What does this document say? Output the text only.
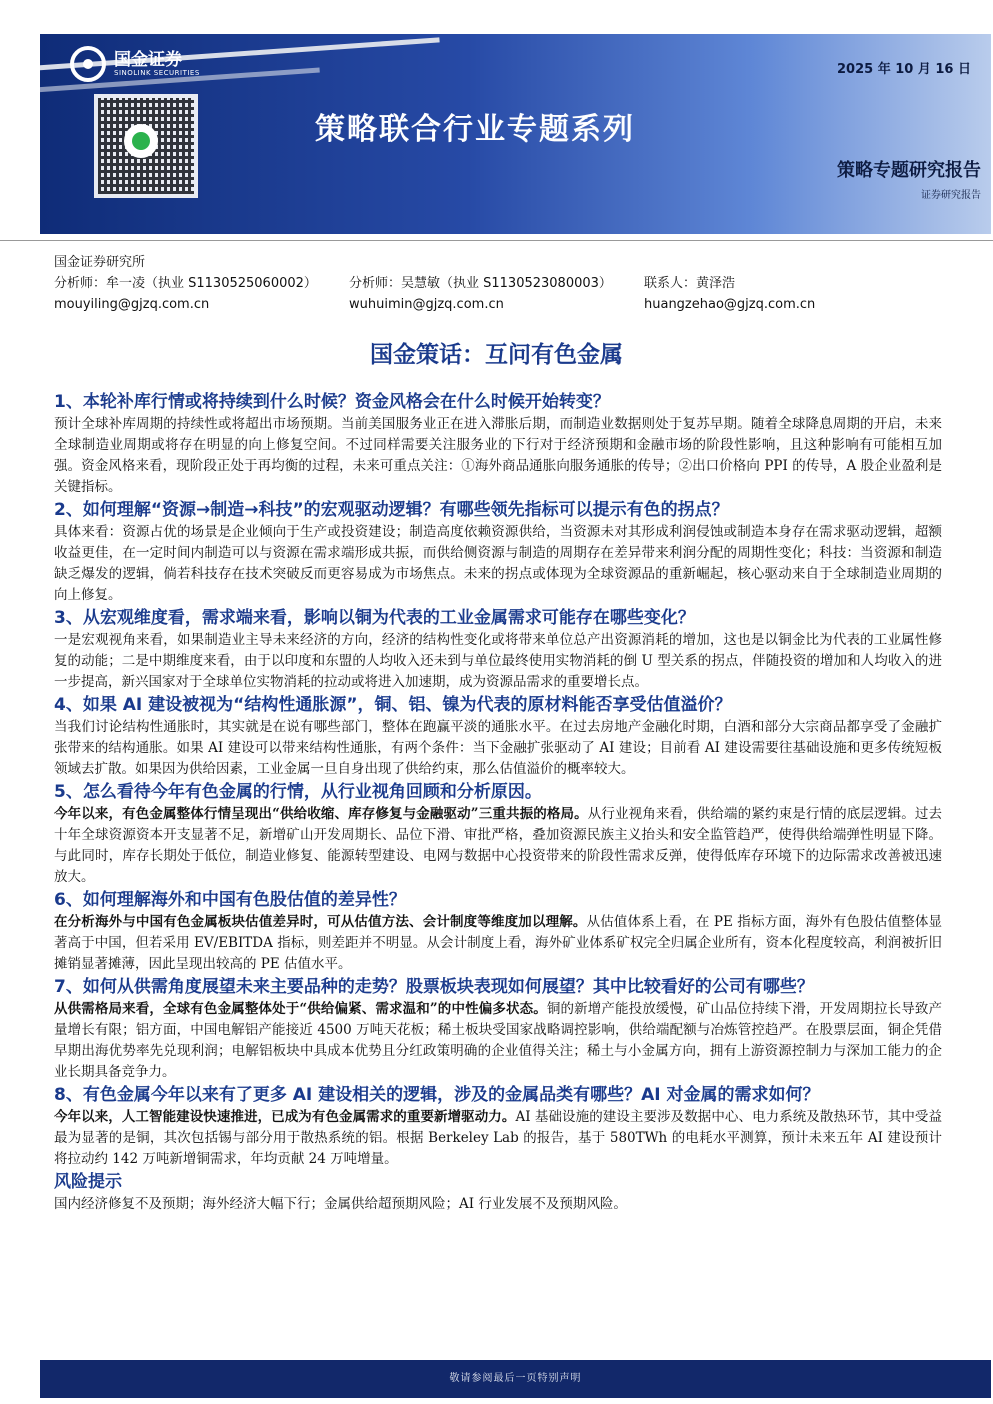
国金证券
SINOLINK SECURITIES
策略联合行业专题系列
2025 年 10 月 16 日
策略专题研究报告
证券研究报告
国金证券研究所
分析师：牟一凌（执业 S1130525060002）	分析师：吴慧敏（执业 S1130523080003）	联系人：黄泽浩
mouyiling@gjzq.com.cn	wuhuimin@gjzq.com.cn	huangzehao@gjzq.com.cn
国金策话：互问有色金属
1、本轮补库行情或将持续到什么时候？资金风格会在什么时候开始转变？

预计全球补库周期的持续性或将超出市场预期。当前美国服务业正在进入滞胀后期，而制造业数据则处于复苏早期。随着全球降息周期的开启，未来全球制造业周期或将存在明显的向上修复空间。不过同样需要关注服务业的下行对于经济预期和金融市场的阶段性影响，且这种影响有可能相互加强。资金风格来看，现阶段正处于再均衡的过程，未来可重点关注：①海外商品通胀向服务通胀的传导；②出口价格向 PPI 的传导，A 股企业盈利是关键指标。

2、如何理解“资源→制造→科技”的宏观驱动逻辑？有哪些领先指标可以提示有色的拐点？

具体来看：资源占优的场景是企业倾向于生产或投资建设；制造高度依赖资源供给，当资源未对其形成利润侵蚀或制造本身存在需求驱动逻辑，超额收益更佳，在一定时间内制造可以与资源在需求端形成共振，而供给侧资源与制造的周期存在差异带来利润分配的周期性变化；科技：当资源和制造缺乏爆发的逻辑，倘若科技存在技术突破反而更容易成为市场焦点。未来的拐点或体现为全球资源品的重新崛起，核心驱动来自于全球制造业周期的向上修复。

3、从宏观维度看，需求端来看，影响以铜为代表的工业金属需求可能存在哪些变化？

一是宏观视角来看，如果制造业主导未来经济的方向，经济的结构性变化或将带来单位总产出资源消耗的增加，这也是以铜金比为代表的工业属性修复的动能；二是中期维度来看，由于以印度和东盟的人均收入还未到与单位最终使用实物消耗的倒 U 型关系的拐点，伴随投资的增加和人均收入的进一步提高，新兴国家对于全球单位实物消耗的拉动或将进入加速期，成为资源品需求的重要增长点。

4、如果 AI 建设被视为“结构性通胀源”，铜、铝、镍为代表的原材料能否享受估值溢价？

当我们讨论结构性通胀时，其实就是在说有哪些部门，整体在跑赢平淡的通胀水平。在过去房地产金融化时期，白酒和部分大宗商品都享受了金融扩张带来的结构通胀。如果 AI 建设可以带来结构性通胀，有两个条件：当下金融扩张驱动了 AI 建设；目前看 AI 建设需要往基础设施和更多传统短板领域去扩散。如果因为供给因素，工业金属一旦自身出现了供给约束，那么估值溢价的概率较大。

5、怎么看待今年有色金属的行情，从行业视角回顾和分析原因。

今年以来，有色金属整体行情呈现出“供给收缩、库存修复与金融驱动”三重共振的格局。从行业视角来看，供给端的紧约束是行情的底层逻辑。过去十年全球资源资本开支显著不足，新增矿山开发周期长、品位下滑、审批严格，叠加资源民族主义抬头和安全监管趋严，使得供给端弹性明显下降。与此同时，库存长期处于低位，制造业修复、能源转型建设、电网与数据中心投资带来的阶段性需求反弹，使得低库存环境下的边际需求改善被迅速放大。

6、如何理解海外和中国有色股估值的差异性？

在分析海外与中国有色金属板块估值差异时，可从估值方法、会计制度等维度加以理解。从估值体系上看，在 PE 指标方面，海外有色股估值整体显著高于中国，但若采用 EV/EBITDA 指标，则差距并不明显。从会计制度上看，海外矿业体系矿权完全归属企业所有，资本化程度较高，利润被折旧摊销显著摊薄，因此呈现出较高的 PE 估值水平。

7、如何从供需角度展望未来主要品种的走势？股票板块表现如何展望？其中比较看好的公司有哪些？

从供需格局来看，全球有色金属整体处于“供给偏紧、需求温和”的中性偏多状态。铜的新增产能投放缓慢，矿山品位持续下滑，开发周期拉长导致产量增长有限；铝方面，中国电解铝产能接近 4500 万吨天花板；稀土板块受国家战略调控影响，供给端配额与冶炼管控趋严。在股票层面，铜企凭借早期出海优势率先兑现利润；电解铝板块中具成本优势且分红政策明确的企业值得关注；稀土与小金属方向，拥有上游资源控制力与深加工能力的企业长期具备竞争力。

8、有色金属今年以来有了更多 AI 建设相关的逻辑，涉及的金属品类有哪些？AI 对金属的需求如何？

今年以来，人工智能建设快速推进，已成为有色金属需求的重要新增驱动力。AI 基础设施的建设主要涉及数据中心、电力系统及散热环节，其中受益最为显著的是铜，其次包括锡与部分用于散热系统的铝。根据 Berkeley Lab 的报告，基于 580TWh 的电耗水平测算，预计未来五年 AI 建设预计将拉动约 142 万吨新增铜需求，年均贡献 24 万吨增量。

风险提示

国内经济修复不及预期；海外经济大幅下行；金属供给超预期风险；AI 行业发展不及预期风险。

敬请参阅最后一页特别声明
